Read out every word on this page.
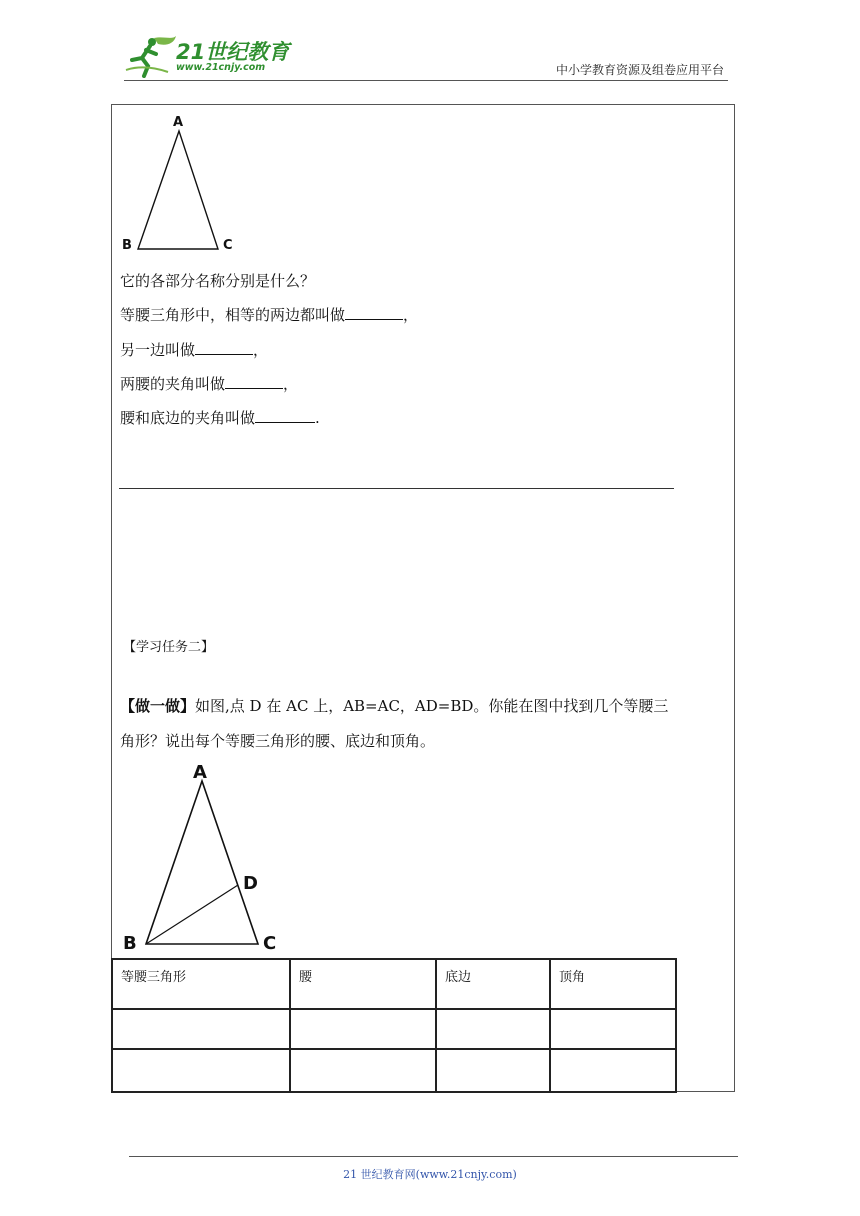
21世纪教育
www.21cnjy.com	中小学教育资源及组卷应用平台
A
B	C
它的各部分名称分别是什么？
等腰三角形中，相等的两边都叫做	，
另一边叫做	，
两腰的夹角叫做	，
腰和底边的夹角叫做	.
【学习任务二】
【做一做】如图,点 D 在 AC 上，AB=AC，AD=BD。你能在图中找到几个等腰三
角形？说出每个等腰三角形的腰、底边和顶角。
A
B	C
D
等腰三角形	腰	底边	顶角

21 世纪教育网(www.21cnjy.com)
